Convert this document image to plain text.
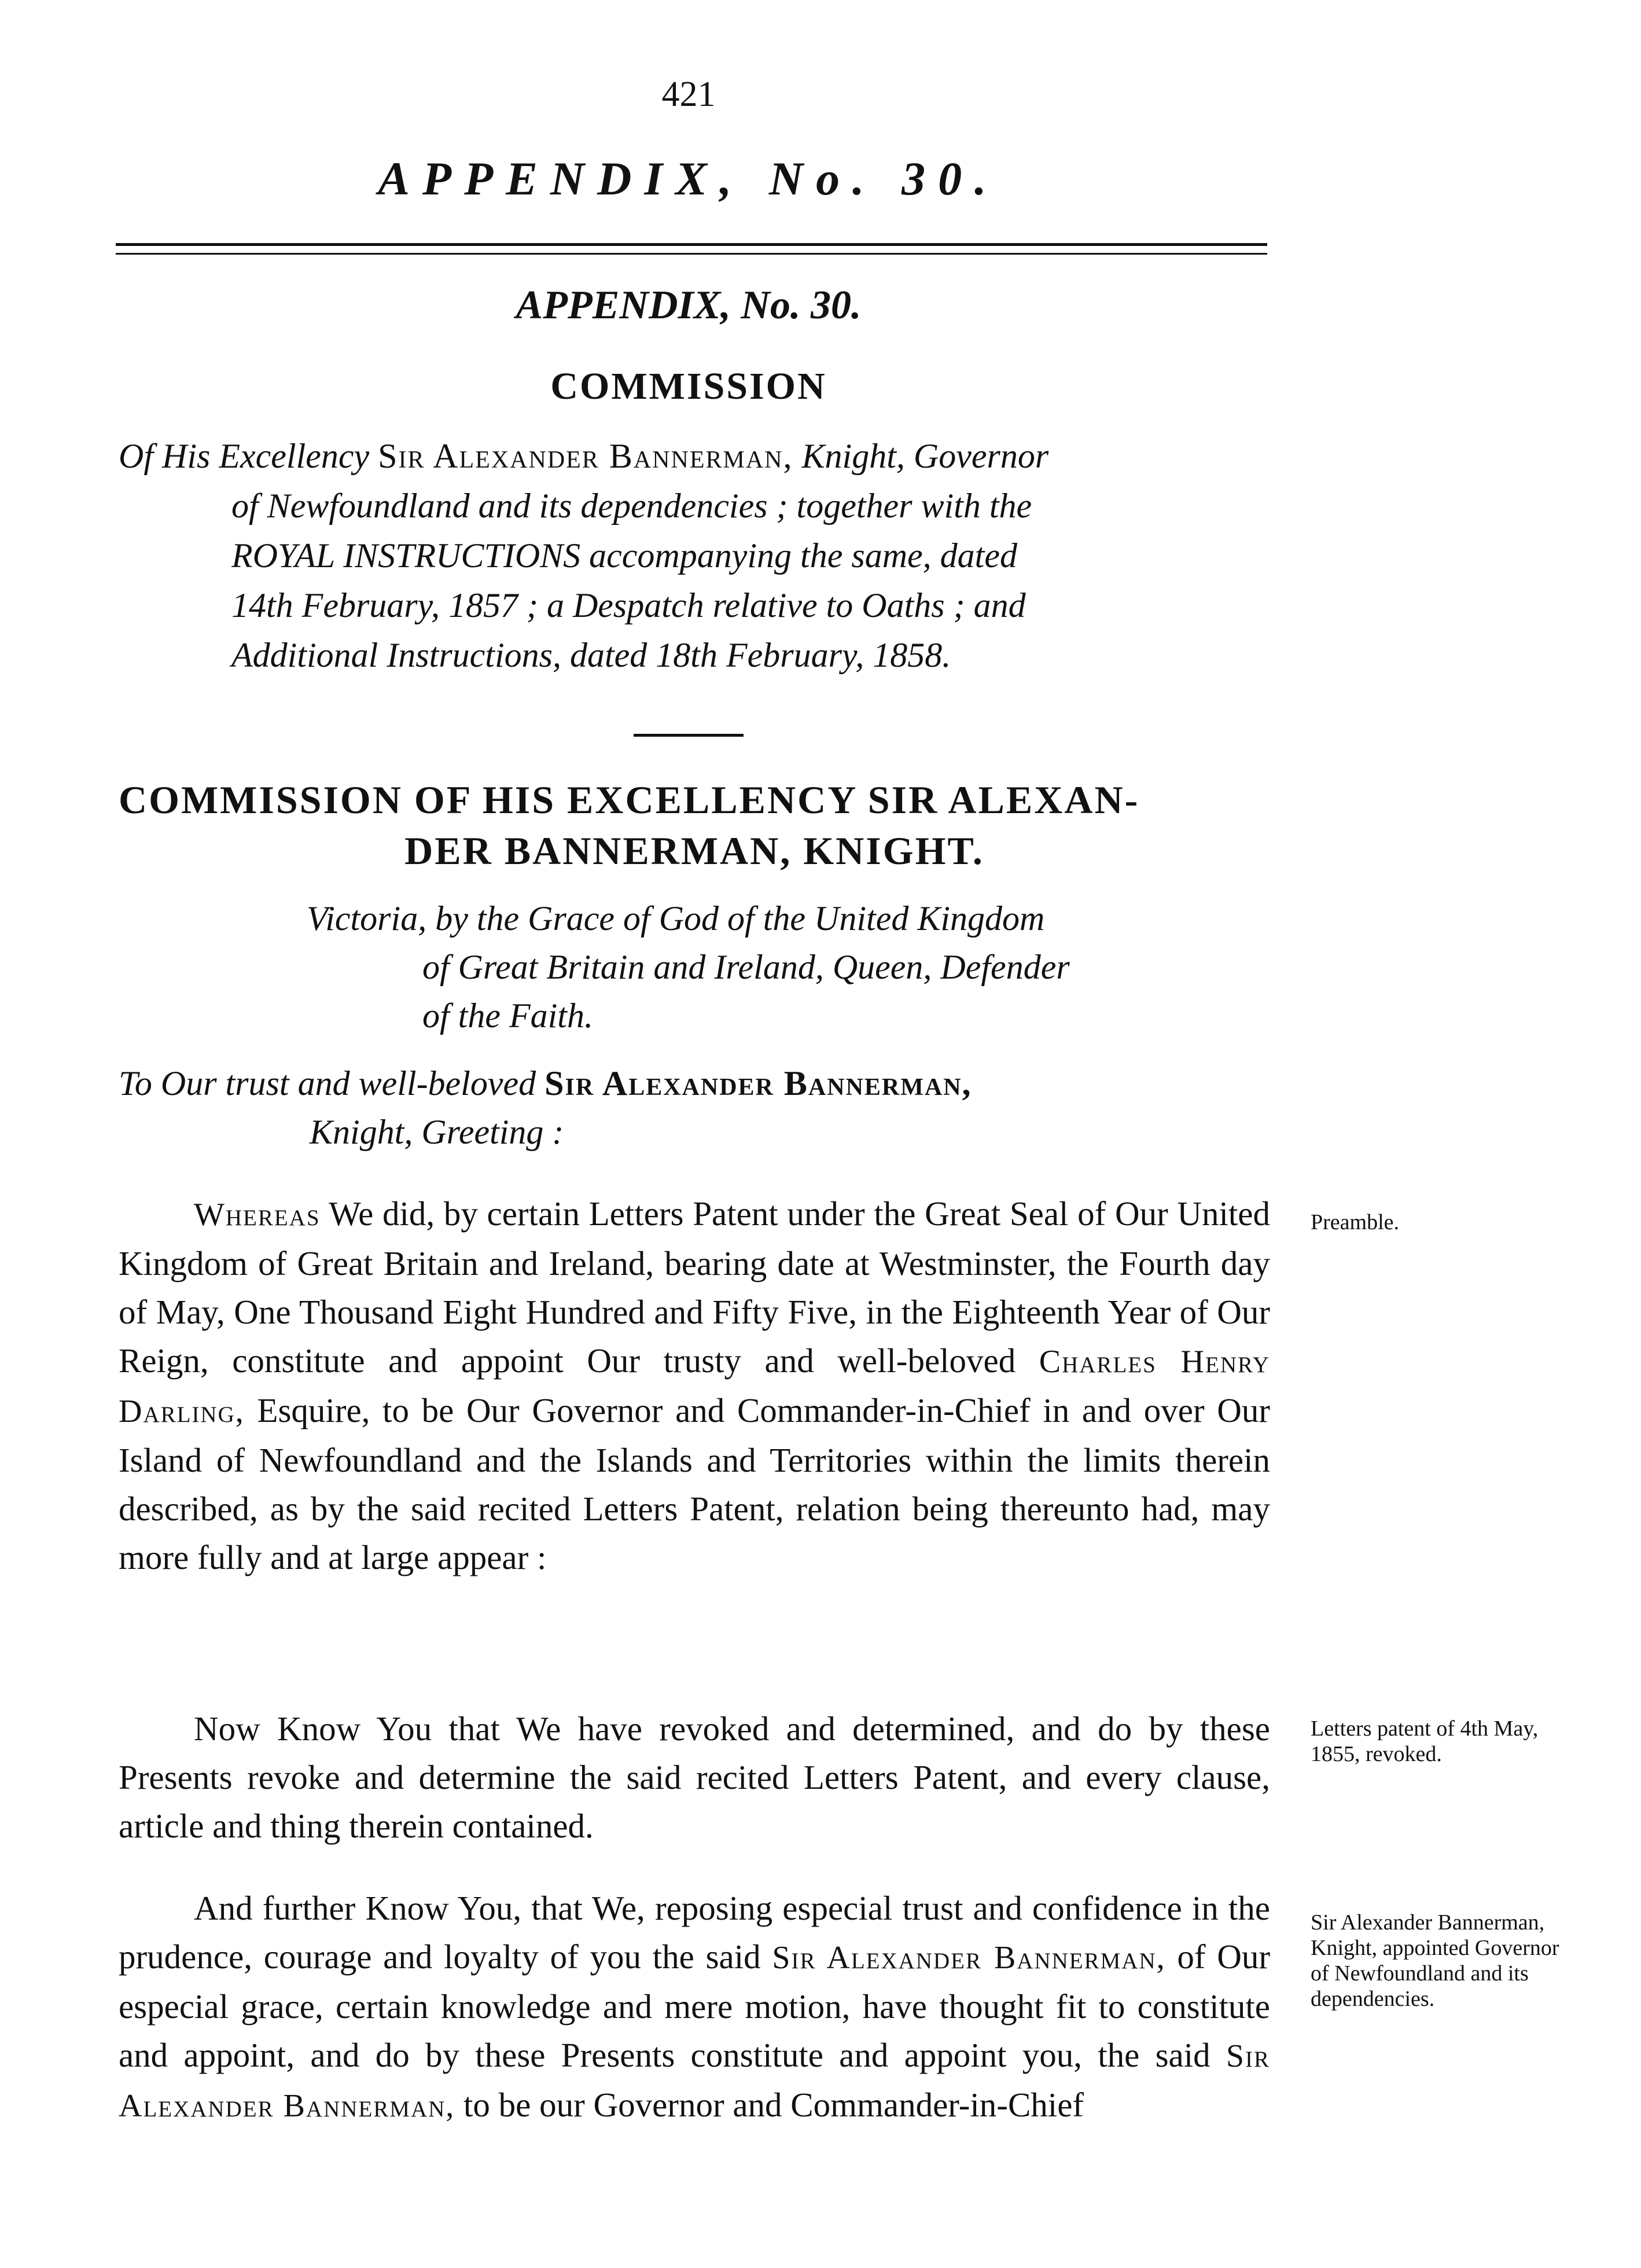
421
APPENDIX, No. 30.
APPENDIX, No. 30.
COMMISSION
Of His Excellency Sir Alexander Bannerman, Knight, Governor
of Newfoundland and its dependencies ; together with the
ROYAL INSTRUCTIONS accompanying the same, dated
14th February, 1857 ; a Despatch relative to Oaths ; and
Additional Instructions, dated 18th February, 1858.
COMMISSION OF HIS EXCELLENCY SIR ALEXAN-
DER BANNERMAN, KNIGHT.
Victoria, by the Grace of God of the United Kingdom
of Great Britain and Ireland, Queen, Defender
of the Faith.
To Our trust and well-beloved Sir Alexander Bannerman,
Knight, Greeting :
Whereas We did, by certain Letters Patent under the Great Seal of Our United Kingdom of Great Britain and Ireland, bearing date at Westminster, the Fourth day of May, One Thousand Eight Hundred and Fifty Five, in the Eighteenth Year of Our Reign, constitute and appoint Our trusty and well-beloved Charles Henry Darling, Esquire, to be Our Governor and Commander-in-Chief in and over Our Island of Newfoundland and the Islands and Territories within the limits therein described, as by the said recited Letters Patent, relation being thereunto had, may more fully and at large appear :
Now Know You that We have revoked and determined, and do by these Presents revoke and determine the said recited Letters Patent, and every clause, article and thing therein contained.
And further Know You, that We, reposing especial trust and confidence in the prudence, courage and loyalty of you the said Sir Alexander Bannerman, of Our especial grace, certain knowledge and mere motion, have thought fit to constitute and appoint, and do by these Presents constitute and appoint you, the said Sir Alexander Bannerman, to be our Governor and Commander-in-Chief
Preamble.
Letters patent of 4th May, 1855, revoked.
Sir Alexander Bannerman, Knight, appointed Governor of Newfoundland and its dependencies.
